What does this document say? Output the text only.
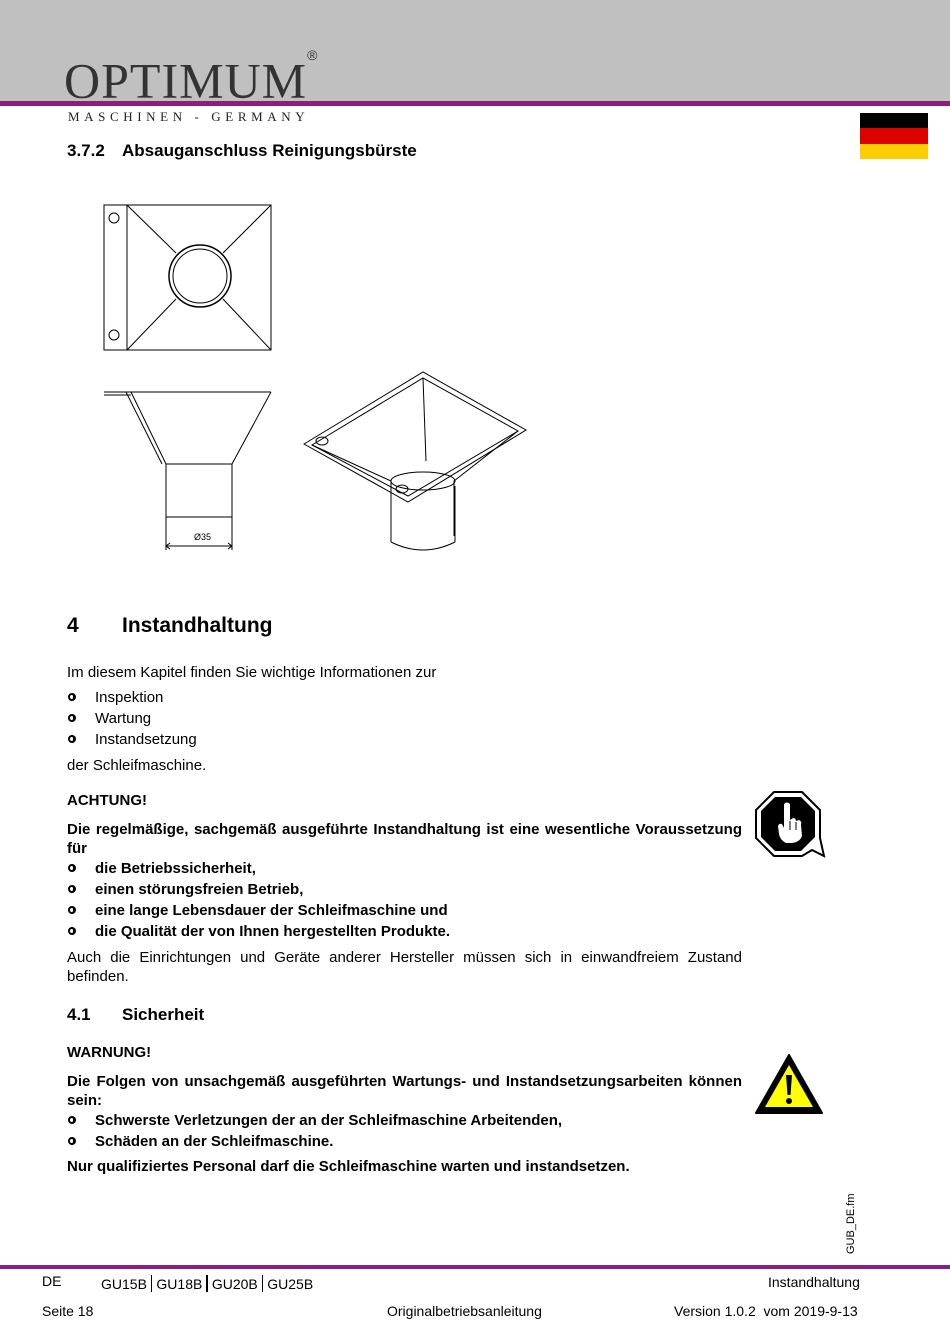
OPTIMUM®
MASCHINEN - GERMANY
3.7.2 Absauganschluss Reinigungsbürste
Ø35
4 Instandhaltung
Im diesem Kapitel finden Sie wichtige Informationen zur
Inspektion
Wartung
Instandsetzung
der Schleifmaschine.
ACHTUNG!
Die regelmäßige, sachgemäß ausgeführte Instandhaltung ist eine wesentliche Voraussetzung für
die Betriebssicherheit,
einen störungsfreien Betrieb,
eine lange Lebensdauer der Schleifmaschine und
die Qualität der von Ihnen hergestellten Produkte.
Auch die Einrichtungen und Geräte anderer Hersteller müssen sich in einwandfreiem Zustand befinden.
4.1 Sicherheit
WARNUNG!
Die Folgen von unsachgemäß ausgeführten Wartungs- und Instandsetzungsarbeiten können sein:
Schwerste Verletzungen der an der Schleifmaschine Arbeitenden,
Schäden an der Schleifmaschine.
Nur qualifiziertes Personal darf die Schleifmaschine warten und instandsetzen.
GUB_DE.fm
DE	GU15B GU18B GU20B GU25B	Instandhaltung
Seite 18	Originalbetriebsanleitung	Version 1.0.2  vom 2019-9-13
